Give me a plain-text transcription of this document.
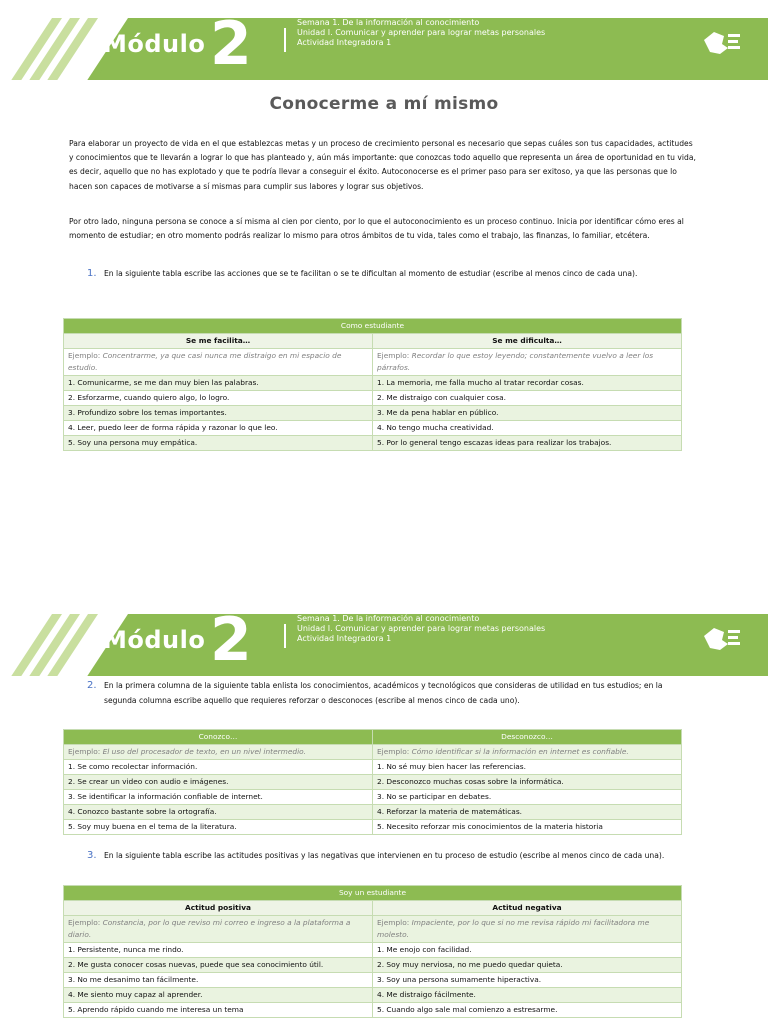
Módulo 2	Semana 1. De la información al conocimiento
Unidad I. Comunicar y aprender para lograr metas personales
Actividad Integradora 1
Conocerme a mí mismo
Para elaborar un proyecto de vida en el que establezcas metas y un proceso de crecimiento personal es necesario que sepas cuáles son tus capacidades, actitudes y conocimientos que te llevarán a lograr lo que has planteado y, aún más importante: que conozcas todo aquello que representa un área de oportunidad en tu vida, es decir, aquello que no has explotado y que te podría llevar a conseguir el éxito. Autoconocerse es el primer paso para ser exitoso, ya que las personas que lo hacen son capaces de motivarse a sí mismas para cumplir sus labores y lograr sus objetivos.
Por otro lado, ninguna persona se conoce a sí misma al cien por ciento, por lo que el autoconocimiento es un proceso continuo. Inicia por identificar cómo eres al momento de estudiar; en otro momento podrás realizar lo mismo para otros ámbitos de tu vida, tales como el trabajo, las finanzas, lo familiar, etcétera.
1. En la siguiente tabla escribe las acciones que se te facilitan o se te dificultan al momento de estudiar (escribe al menos cinco de cada una).
Como estudiante	
Se me facilita…	Se me dificulta…
Ejemplo: Concentrarme, ya que casi nunca me distraigo en mi espacio de estudio.	Ejemplo: Recordar lo que estoy leyendo; constantemente vuelvo a leer los párrafos.
1. Comunicarme, se me dan muy bien las palabras.	1. La memoria, me falla mucho al tratar recordar cosas.
2. Esforzarme, cuando quiero algo, lo logro.	2. Me distraigo con cualquier cosa.
3. Profundizo sobre los temas importantes.	3. Me da pena hablar en público.
4. Leer, puedo leer de forma rápida y razonar lo que leo.	4. No tengo mucha creatividad.
5. Soy una persona muy empática.	5. Por lo general tengo escazas ideas para realizar los trabajos.
Módulo 2	Semana 1. De la información al conocimiento
Unidad I. Comunicar y aprender para lograr metas personales
Actividad Integradora 1
2. En la primera columna de la siguiente tabla enlista los conocimientos, académicos y tecnológicos que consideras de utilidad en tus estudios; en la segunda columna escribe aquello que requieres reforzar o desconoces (escribe al menos cinco de cada uno).
Conozco…	Desconozco…
Ejemplo: El uso del procesador de texto, en un nivel intermedio.	Ejemplo: Cómo identificar si la información en internet es confiable.
1. Se como recolectar información.	1. No sé muy bien hacer las referencias.
2. Se crear un video con audio e imágenes.	2. Desconozco muchas cosas sobre la informática.
3. Se identificar la información confiable de internet.	3. No se participar en debates.
4. Conozco bastante sobre la ortografía.	4. Reforzar la materia de matemáticas.
5. Soy muy buena en el tema de la literatura.	5. Necesito reforzar mis conocimientos de la materia historia
3. En la siguiente tabla escribe las actitudes positivas y las negativas que intervienen en tu proceso de estudio (escribe al menos cinco de cada una).
Soy un estudiante	
Actitud positiva	Actitud negativa
Ejemplo: Constancia, por lo que reviso mi correo e ingreso a la plataforma a diario.	Ejemplo: Impaciente, por lo que si no me revisa rápido mi facilitadora me molesto.
1. Persistente, nunca me rindo.	1. Me enojo con facilidad.
2. Me gusta conocer cosas nuevas, puede que sea conocimiento útil.	2. Soy muy nerviosa, no me puedo quedar quieta.
3. No me desanimo tan fácilmente.	3. Soy una persona sumamente hiperactiva.
4. Me siento muy capaz al aprender.	4. Me distraigo fácilmente.
5. Aprendo rápido cuando me interesa un tema	5. Cuando algo sale mal comienzo a estresarme.
